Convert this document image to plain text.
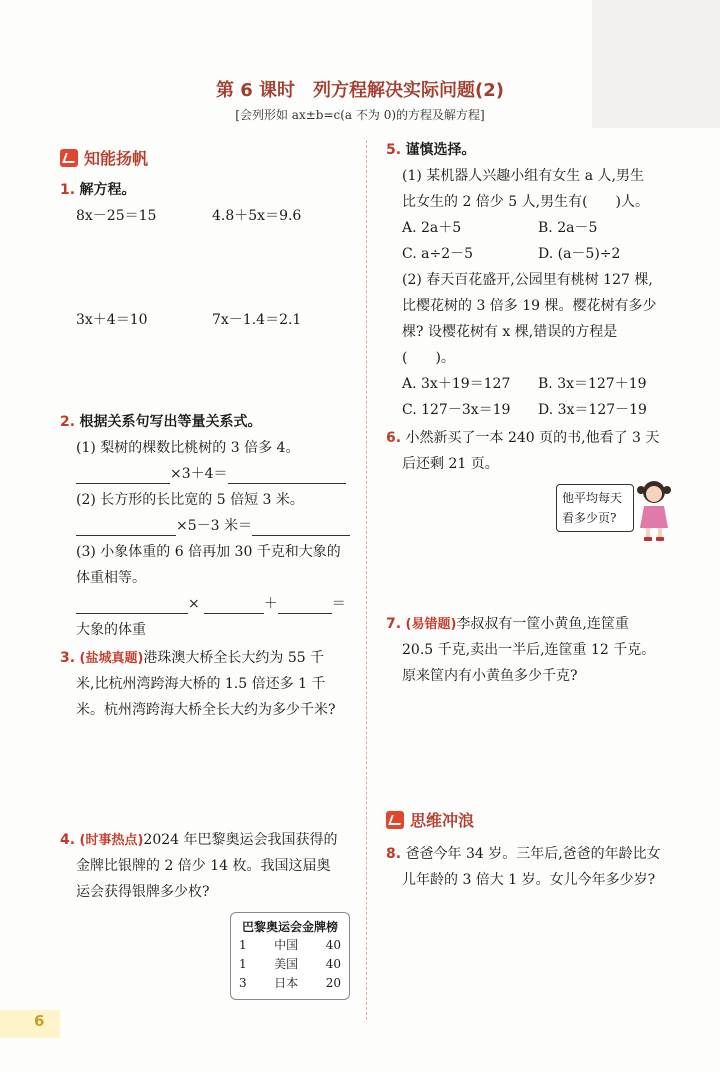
第 6 课时　列方程解决实际问题(2)
[会列形如 ax±b=c(a 不为 0)的方程及解方程]
知能扬帆
1. 解方程。
8x－25＝15	4.8＋5x＝9.6
3x＋4＝10	7x－1.4＝2.1
2. 根据关系句写出等量关系式。
(1) 梨树的棵数比桃树的 3 倍多 4。
×3＋4＝
(2) 长方形的长比宽的 5 倍短 3 米。
×5－3 米＝
(3) 小象体重的 6 倍再加 30 千克和大象的
体重相等。
×	＋	＝
大象的体重
3. (盐城真题)港珠澳大桥全长大约为 55 千
米,比杭州湾跨海大桥的 1.5 倍还多 1 千
米。杭州湾跨海大桥全长大约为多少千米?
4. (时事热点)2024 年巴黎奥运会我国获得的
金牌比银牌的 2 倍少 14 枚。我国这届奥
运会获得银牌多少枚?
巴黎奥运会金牌榜
1 中国 40
1 美国 40
3 日本 20
5. 谨慎选择。
(1) 某机器人兴趣小组有女生 a 人,男生
比女生的 2 倍少 5 人,男生有(　　)人。
A. 2a＋5	B. 2a－5
C. a÷2－5	D. (a－5)÷2
(2) 春天百花盛开,公园里有桃树 127 棵,
比樱花树的 3 倍多 19 棵。樱花树有多少
棵? 设樱花树有 x 棵,错误的方程是
(　　)。
A. 3x＋19＝127 B. 3x＝127＋19
C. 127－3x＝19 D. 3x＝127－19
6. 小然新买了一本 240 页的书,他看了 3 天
后还剩 21 页。
他平均每天
看多少页?
7. (易错题)李叔叔有一筐小黄鱼,连筐重
20.5 千克,卖出一半后,连筐重 12 千克。
原来筐内有小黄鱼多少千克?
思维冲浪
8. 爸爸今年 34 岁。三年后,爸爸的年龄比女
儿年龄的 3 倍大 1 岁。女儿今年多少岁?
6
